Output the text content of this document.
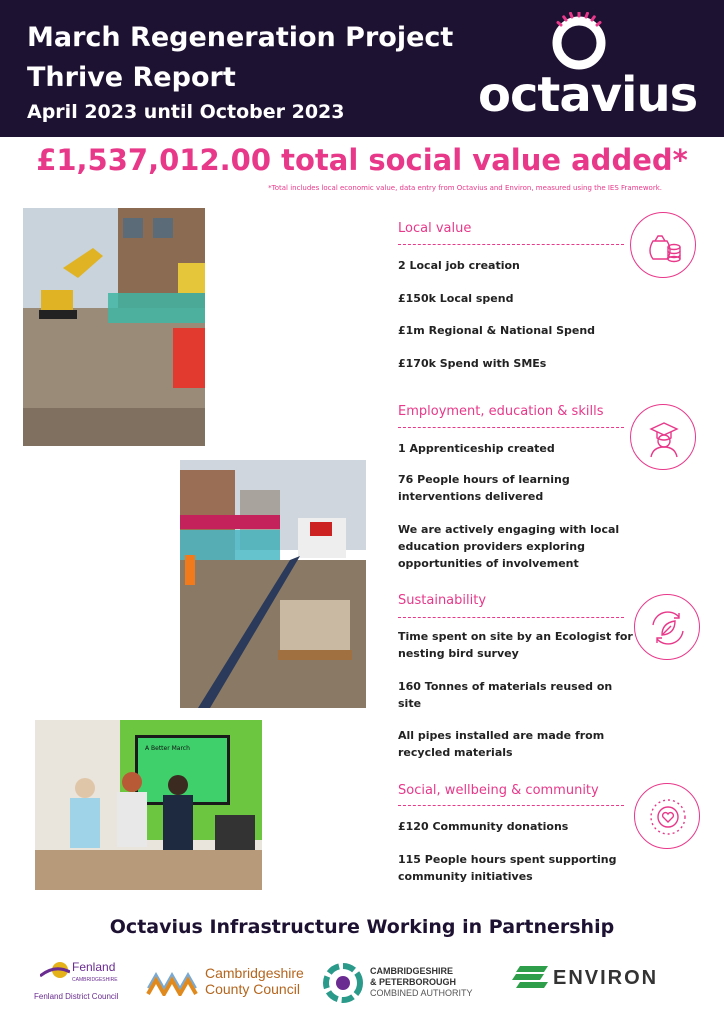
March Regeneration Project
Thrive Report
April 2023 until October 2023	octavius
£1,537,012.00 total social value added*
*Total includes local economic value, data entry from Octavius and Environ, measured using the IES Framework.
A Better March
Local value
2 Local job creation
£150k Local spend
£1m Regional & National Spend
£170k Spend with SMEs
Employment, education & skills
1 Apprenticeship created
76 People hours of learning interventions delivered
We are actively engaging with local education providers exploring opportunities of involvement
Sustainability
Time spent on site by an Ecologist for nesting bird survey
160 Tonnes of materials reused on site
All pipes installed are made from recycled materials
Social, wellbeing & community
£120 Community donations
115 People hours spent supporting community initiatives
Octavius Infrastructure Working in Partnership
Fenland
CAMBRIDGESHIRE
Fenland District Council
Cambridgeshire
County Council
CAMBRIDGESHIRE
& PETERBOROUGH
COMBINED AUTHORITY
ENVIRON
